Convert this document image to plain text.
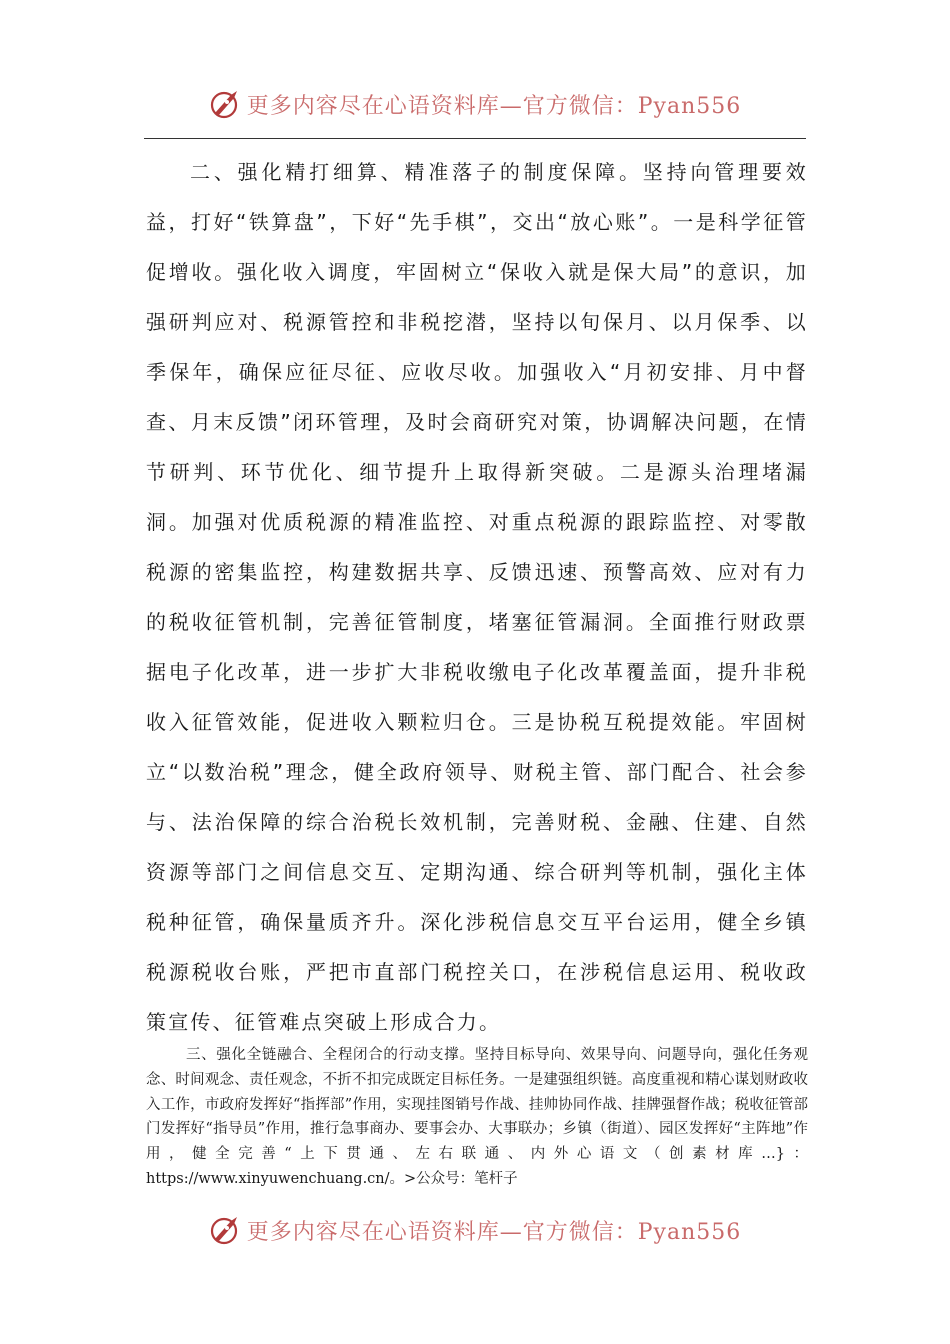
更多内容尽在心语资料库—官方微信：Pyan556

二、强化精打细算、精准落子的制度保障。坚持向管理要效益，打好“铁算盘”，下好“先手棋”，交出“放心账”。一是科学征管促增收。强化收入调度，牢固树立“保收入就是保大局”的意识，加强研判应对、税源管控和非税挖潜，坚持以旬保月、以月保季、以季保年，确保应征尽征、应收尽收。加强收入“月初安排、月中督查、月末反馈”闭环管理，及时会商研究对策，协调解决问题，在情节研判、环节优化、细节提升上取得新突破。二是源头治理堵漏洞。加强对优质税源的精准监控、对重点税源的跟踪监控、对零散税源的密集监控，构建数据共享、反馈迅速、预警高效、应对有力的税收征管机制，完善征管制度，堵塞征管漏洞。全面推行财政票据电子化改革，进一步扩大非税收缴电子化改革覆盖面，提升非税收入征管效能，促进收入颗粒归仓。三是协税互税提效能。牢固树立“以数治税”理念，健全政府领导、财税主管、部门配合、社会参与、法治保障的综合治税长效机制，完善财税、金融、住建、自然资源等部门之间信息交互、定期沟通、综合研判等机制，强化主体税种征管，确保量质齐升。深化涉税信息交互平台运用，健全乡镇税源税收台账，严把市直部门税控关口，在涉税信息运用、税收政策宣传、征管难点突破上形成合力。

三、强化全链融合、全程闭合的行动支撑。坚持目标导向、效果导向、问题导向，强化任务观念、时间观念、责任观念，不折不扣完成既定目标任务。一是建强组织链。高度重视和精心谋划财政收入工作，市政府发挥好“指挥部”作用，实现挂图销号作战、挂帅协同作战、挂牌强督作战；税收征管部门发挥好“指导员”作用，推行急事商办、要事会办、大事联办；乡镇（街道）、园区发挥好“主阵地”作用，健全完善“上下贯通、左右联通、内外心语文（创素材库…}：https://www.xinyuwenchuang.cn/。>公众号：笔杆子

更多内容尽在心语资料库—官方微信：Pyan556
